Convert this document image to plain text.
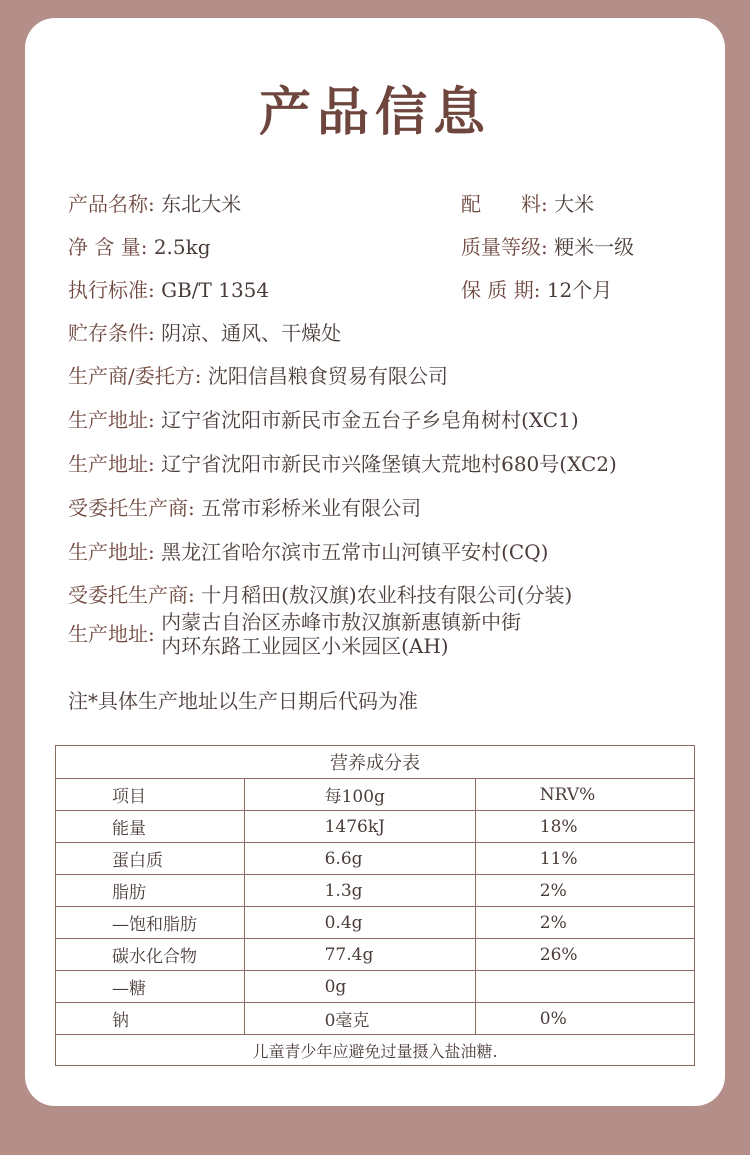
产品信息
产品名称: 东北大米	配　　料: 大米
净 含 量: 2.5kg	质量等级: 粳米一级
执行标准: GB/T 1354	保 质 期: 12个月
贮存条件: 阴凉、通风、干燥处
生产商/委托方: 沈阳信昌粮食贸易有限公司
生产地址: 辽宁省沈阳市新民市金五台子乡皂角树村(XC1)
生产地址: 辽宁省沈阳市新民市兴隆堡镇大荒地村680号(XC2)
受委托生产商: 五常市彩桥米业有限公司
生产地址: 黑龙江省哈尔滨市五常市山河镇平安村(CQ)
受委托生产商: 十月稻田(敖汉旗)农业科技有限公司(分装)
生产地址: 内蒙古自治区赤峰市敖汉旗新惠镇新中街
内环东路工业园区小米园区(AH)
注*具体生产地址以生产日期后代码为准
营养成分表		
项目	每100g	NRV%
能量	1476kJ	18%
蛋白质	6.6g	11%
脂肪	1.3g	2%
—饱和脂肪	0.4g	2%
碳水化合物	77.4g	26%
—糖	0g	
钠	0毫克	0%
儿童青少年应避免过量摄入盐油糖.		
